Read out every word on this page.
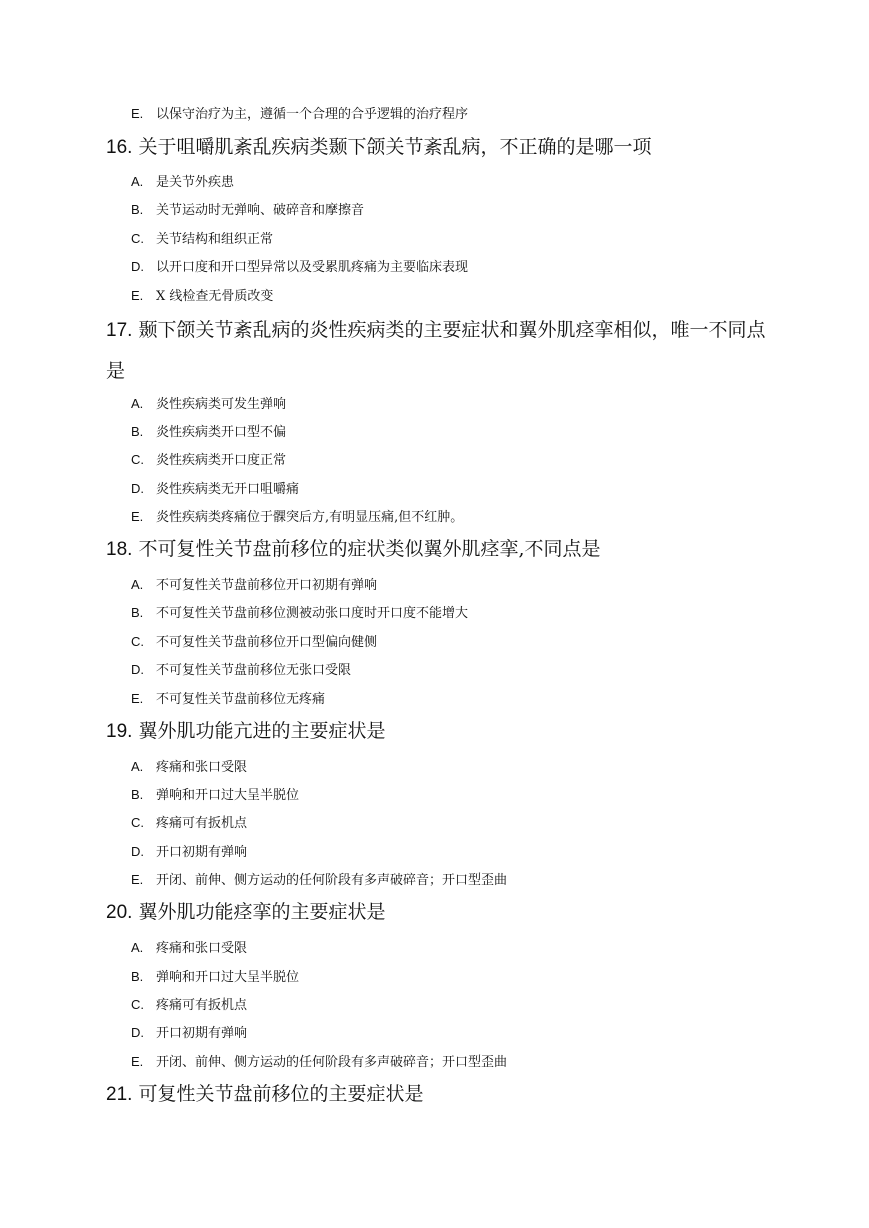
E. 以保守治疗为主，遵循一个合理的合乎逻辑的治疗程序
16. 关于咀嚼肌紊乱疾病类颞下颌关节紊乱病，不正确的是哪一项
A. 是关节外疾患
B. 关节运动时无弹响、破碎音和摩擦音
C. 关节结构和组织正常
D. 以开口度和开口型异常以及受累肌疼痛为主要临床表现
E. X 线检查无骨质改变
17. 颞下颌关节紊乱病的炎性疾病类的主要症状和翼外肌痉挛相似，唯一不同点是
A. 炎性疾病类可发生弹响
B. 炎性疾病类开口型不偏
C. 炎性疾病类开口度正常
D. 炎性疾病类无开口咀嚼痛
E. 炎性疾病类疼痛位于髁突后方,有明显压痛,但不红肿。
18. 不可复性关节盘前移位的症状类似翼外肌痉挛,不同点是
A. 不可复性关节盘前移位开口初期有弹响
B. 不可复性关节盘前移位测被动张口度时开口度不能增大
C. 不可复性关节盘前移位开口型偏向健侧
D. 不可复性关节盘前移位无张口受限
E. 不可复性关节盘前移位无疼痛
19. 翼外肌功能亢进的主要症状是
A. 疼痛和张口受限
B. 弹响和开口过大呈半脱位
C. 疼痛可有扳机点
D. 开口初期有弹响
E. 开闭、前伸、侧方运动的任何阶段有多声破碎音；开口型歪曲
20. 翼外肌功能痉挛的主要症状是
A. 疼痛和张口受限
B. 弹响和开口过大呈半脱位
C. 疼痛可有扳机点
D. 开口初期有弹响
E. 开闭、前伸、侧方运动的任何阶段有多声破碎音；开口型歪曲
21. 可复性关节盘前移位的主要症状是
